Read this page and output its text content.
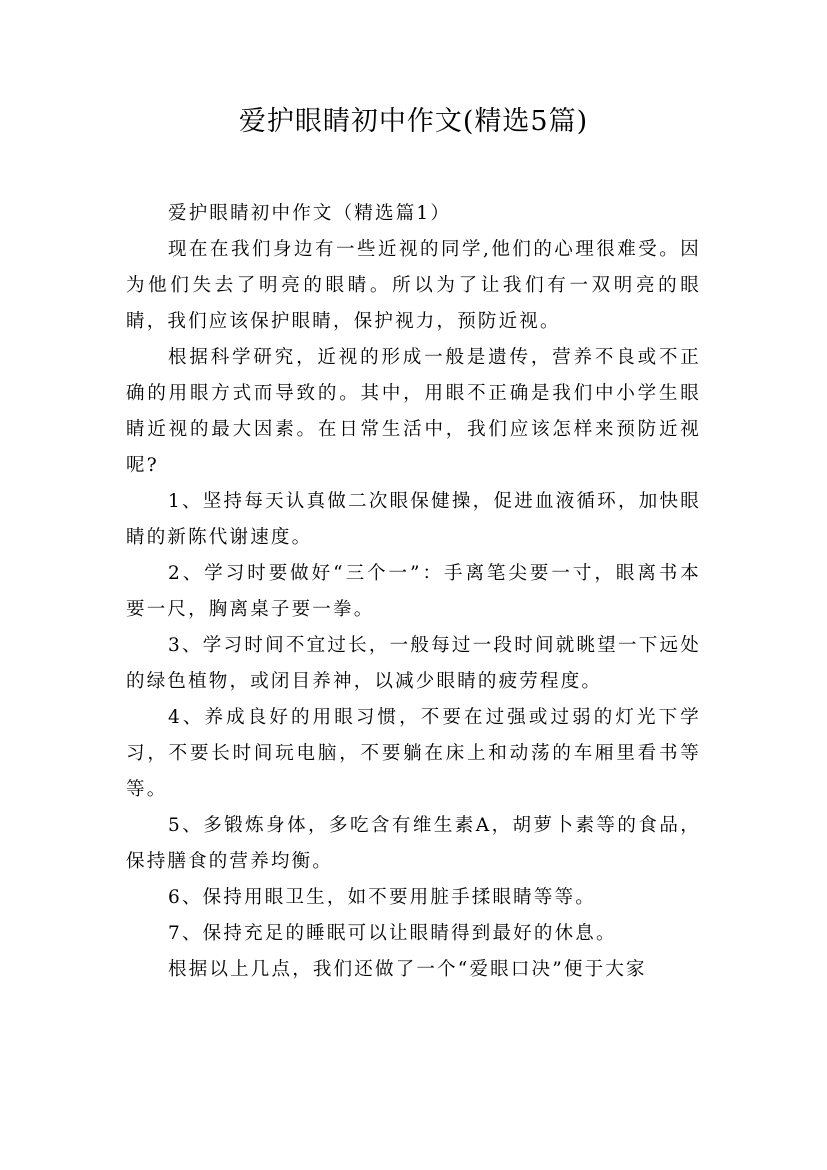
爱护眼睛初中作文(精选5篇)

爱护眼睛初中作文（精选篇1）

现在在我们身边有一些近视的同学,他们的心理很难受。因为他们失去了明亮的眼睛。所以为了让我们有一双明亮的眼睛，我们应该保护眼睛，保护视力，预防近视。

根据科学研究，近视的形成一般是遗传，营养不良或不正确的用眼方式而导致的。其中，用眼不正确是我们中小学生眼睛近视的最大因素。在日常生活中，我们应该怎样来预防近视呢?

1、坚持每天认真做二次眼保健操，促进血液循环，加快眼睛的新陈代谢速度。

2、学习时要做好“三个一”：手离笔尖要一寸，眼离书本要一尺，胸离桌子要一拳。

3、学习时间不宜过长，一般每过一段时间就眺望一下远处的绿色植物，或闭目养神，以减少眼睛的疲劳程度。

4、养成良好的用眼习惯，不要在过强或过弱的灯光下学习，不要长时间玩电脑，不要躺在床上和动荡的车厢里看书等等。

5、多锻炼身体，多吃含有维生素A，胡萝卜素等的食品，保持膳食的营养均衡。

6、保持用眼卫生，如不要用脏手揉眼睛等等。

7、保持充足的睡眠可以让眼睛得到最好的休息。

根据以上几点，我们还做了一个“爱眼口决”便于大家
